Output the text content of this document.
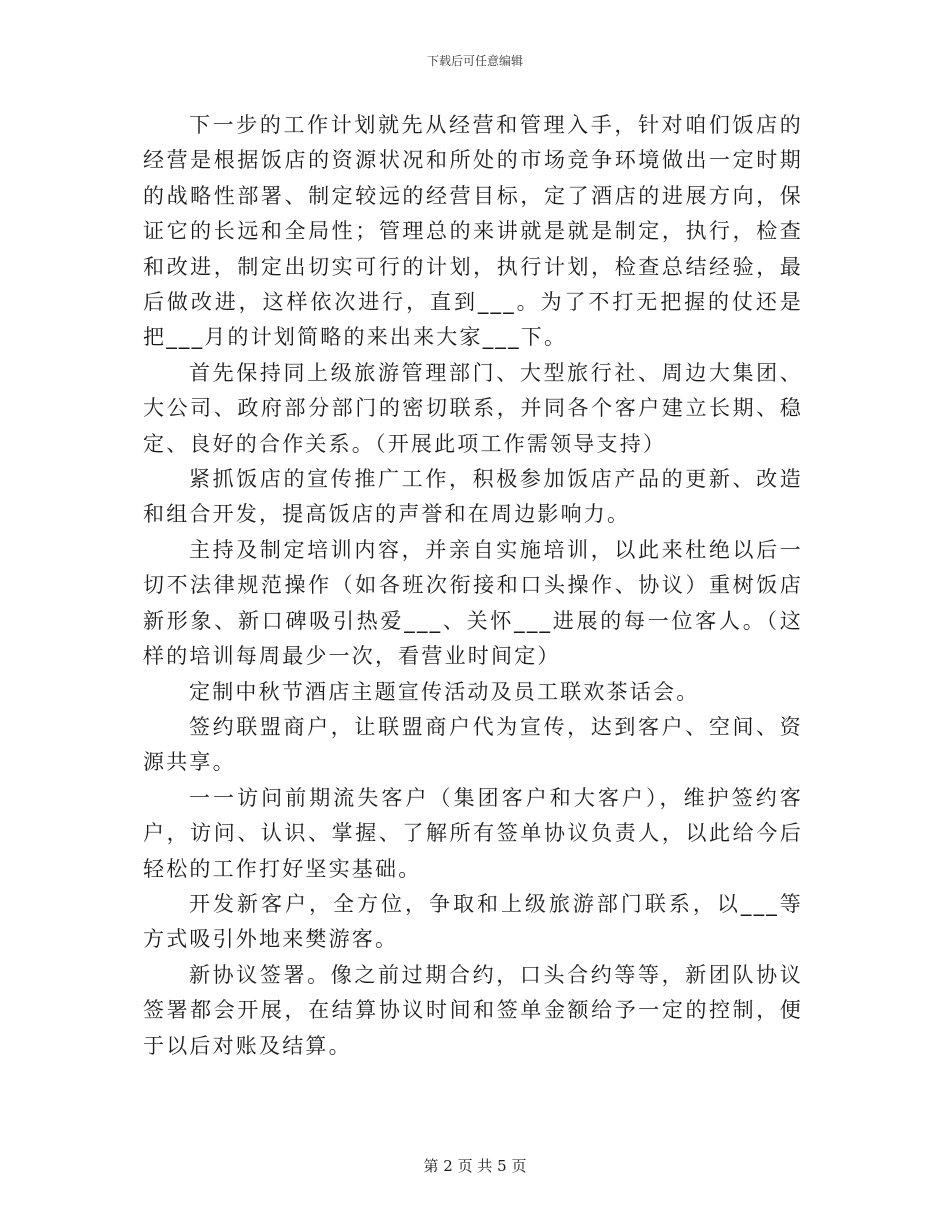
下载后可任意编辑

下一步的工作计划就先从经营和管理入手，针对咱们饭店的经营是根据饭店的资源状况和所处的市场竞争环境做出一定时期的战略性部署、制定较远的经营目标，定了酒店的进展方向，保证它的长远和全局性；管理总的来讲就是就是制定，执行，检查和改进，制定出切实可行的计划，执行计划，检查总结经验，最后做改进，这样依次进行，直到___。为了不打无把握的仗还是把___月的计划简略的来出来大家___下。

首先保持同上级旅游管理部门、大型旅行社、周边大集团、大公司、政府部分部门的密切联系，并同各个客户建立长期、稳定、良好的合作关系。（开展此项工作需领导支持）

紧抓饭店的宣传推广工作，积极参加饭店产品的更新、改造和组合开发，提高饭店的声誉和在周边影响力。

主持及制定培训内容，并亲自实施培训，以此来杜绝以后一切不法律规范操作（如各班次衔接和口头操作、协议）重树饭店新形象、新口碑吸引热爱___、关怀___进展的每一位客人。（这样的培训每周最少一次，看营业时间定）

定制中秋节酒店主题宣传活动及员工联欢茶话会。

签约联盟商户，让联盟商户代为宣传，达到客户、空间、资源共享。

一一访问前期流失客户（集团客户和大客户），维护签约客户，访问、认识、掌握、了解所有签单协议负责人，以此给今后轻松的工作打好坚实基础。

开发新客户，全方位，争取和上级旅游部门联系，以___等方式吸引外地来樊游客。

新协议签署。像之前过期合约，口头合约等等，新团队协议签署都会开展，在结算协议时间和签单金额给予一定的控制，便于以后对账及结算。

第 2 页 共 5 页
